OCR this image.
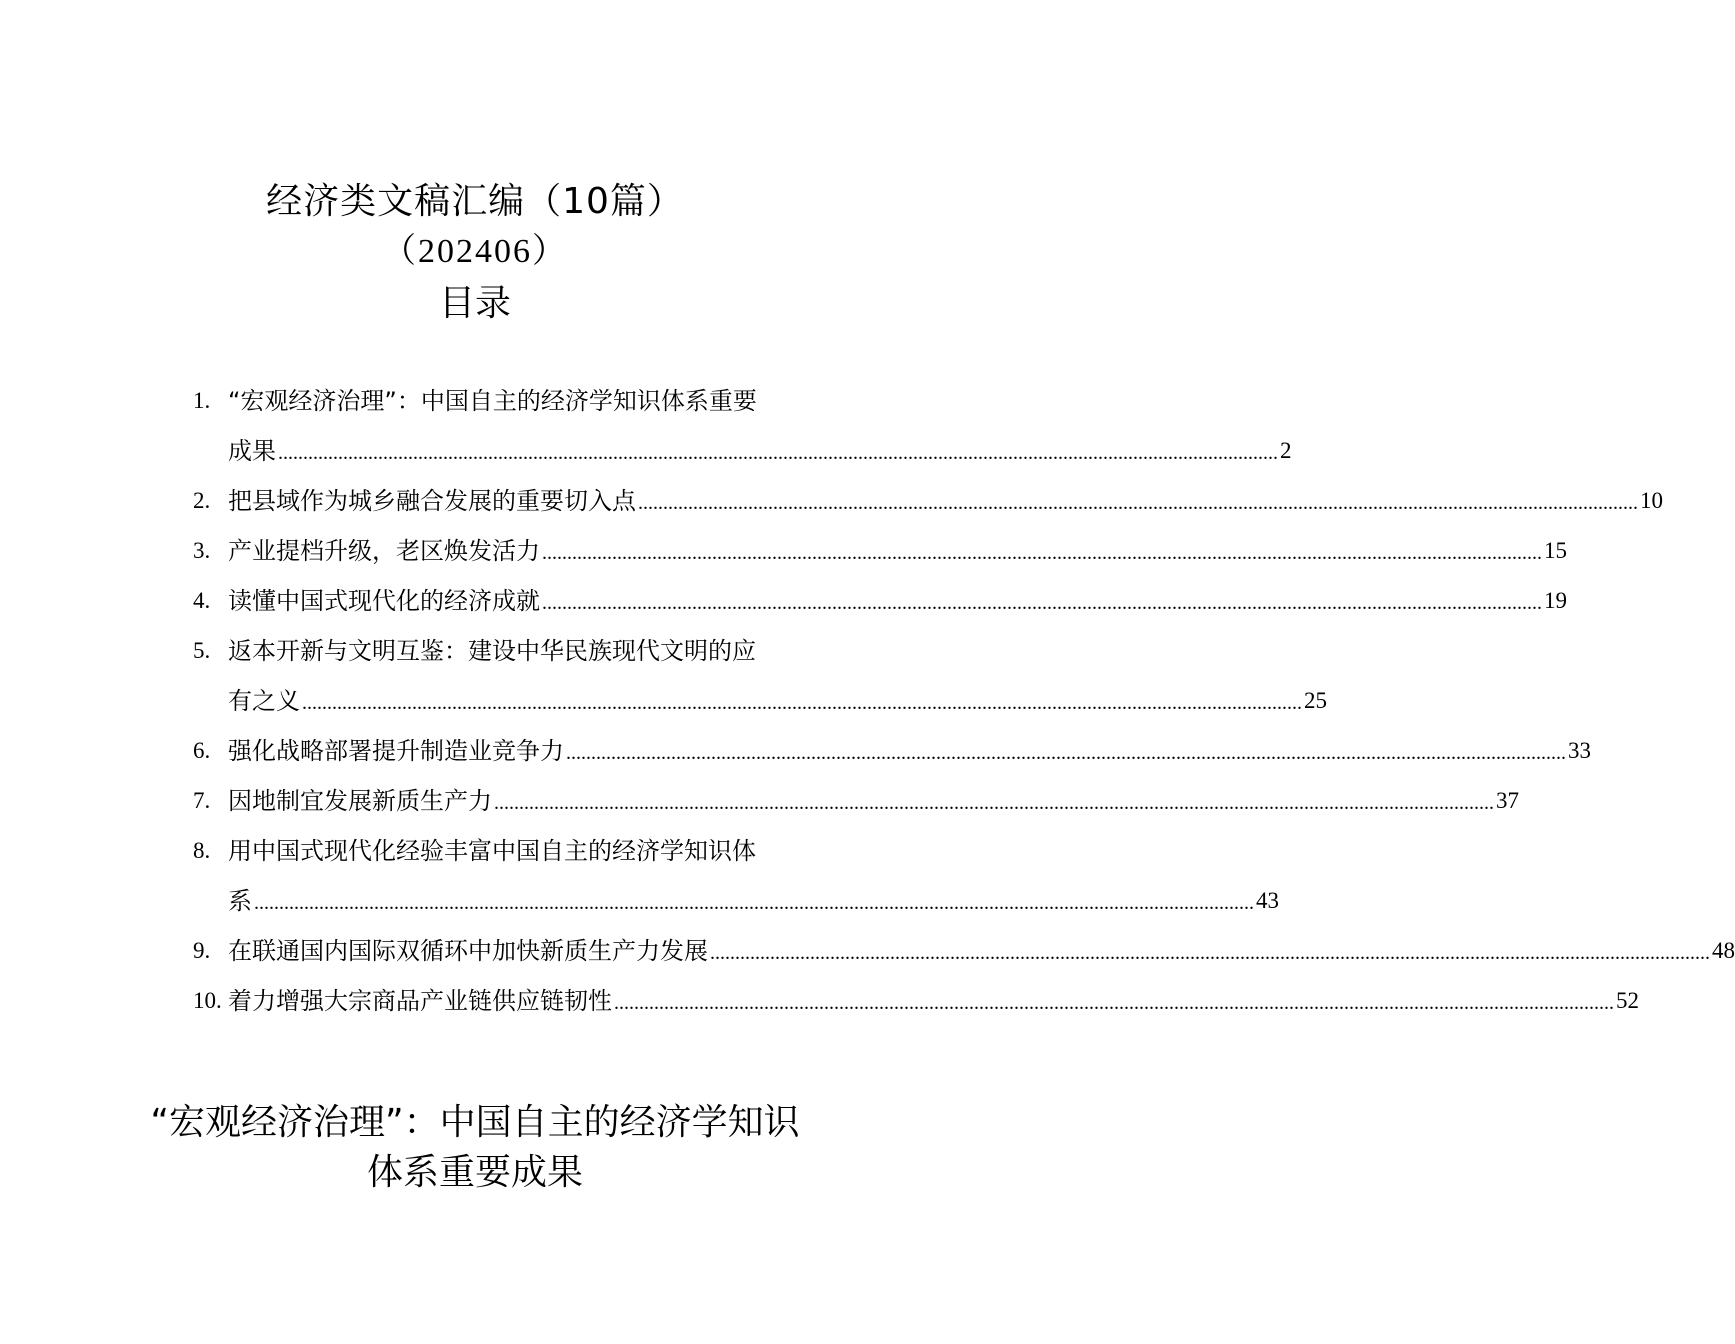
经济类文稿汇编（10篇）
（202406）
目录
1. “宏观经济治理”：中国自主的经济学知识体系重要
成果 ........................................................................................................................................................................................................ 2
2. 把县域作为城乡融合发展的重要切入点 ........................................................................................................................................................................................................ 10
3. 产业提档升级，老区焕发活力 ........................................................................................................................................................................................................ 15
4. 读懂中国式现代化的经济成就 ........................................................................................................................................................................................................ 19
5. 返本开新与文明互鉴：建设中华民族现代文明的应
有之义 ........................................................................................................................................................................................................ 25
6. 强化战略部署提升制造业竞争力 ........................................................................................................................................................................................................ 33
7. 因地制宜发展新质生产力 ........................................................................................................................................................................................................ 37
8. 用中国式现代化经验丰富中国自主的经济学知识体
系 ........................................................................................................................................................................................................ 43
9. 在联通国内国际双循环中加快新质生产力发展 ........................................................................................................................................................................................................ 48
10. 着力增强大宗商品产业链供应链韧性 ........................................................................................................................................................................................................ 52
“宏观经济治理”：中国自主的经济学知识
体系重要成果
